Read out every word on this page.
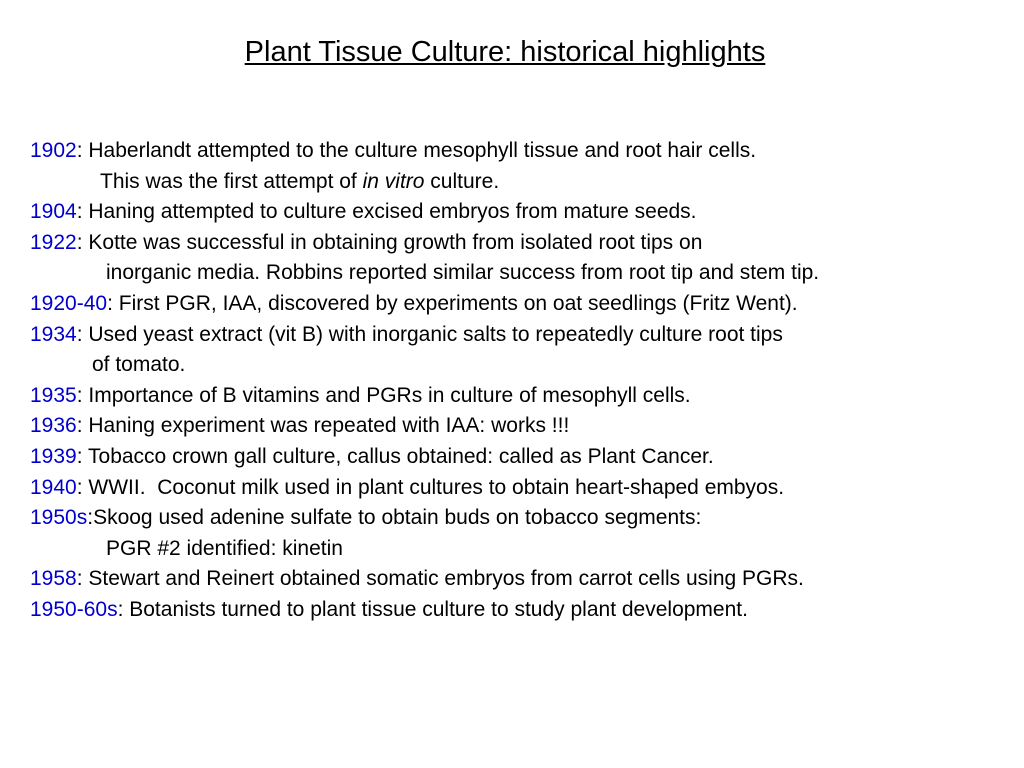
Plant Tissue Culture: historical highlights
1902: Haberlandt attempted to the culture mesophyll tissue and root hair cells.
This was the first attempt of in vitro culture.
1904: Haning attempted to culture excised embryos from mature seeds.
1922: Kotte was successful in obtaining growth from isolated root tips on
inorganic media. Robbins reported similar success from root tip and stem tip.
1920-40: First PGR, IAA, discovered by experiments on oat seedlings (Fritz Went).
1934: Used yeast extract (vit B) with inorganic salts to repeatedly culture root tips
of tomato.
1935: Importance of B vitamins and PGRs in culture of mesophyll cells.
1936: Haning experiment was repeated with IAA: works !!!
1939: Tobacco crown gall culture, callus obtained: called as Plant Cancer.
1940: WWII.  Coconut milk used in plant cultures to obtain heart-shaped embyos.
1950s:Skoog used adenine sulfate to obtain buds on tobacco segments:
PGR #2 identified: kinetin
1958: Stewart and Reinert obtained somatic embryos from carrot cells using PGRs.
1950-60s: Botanists turned to plant tissue culture to study plant development.
